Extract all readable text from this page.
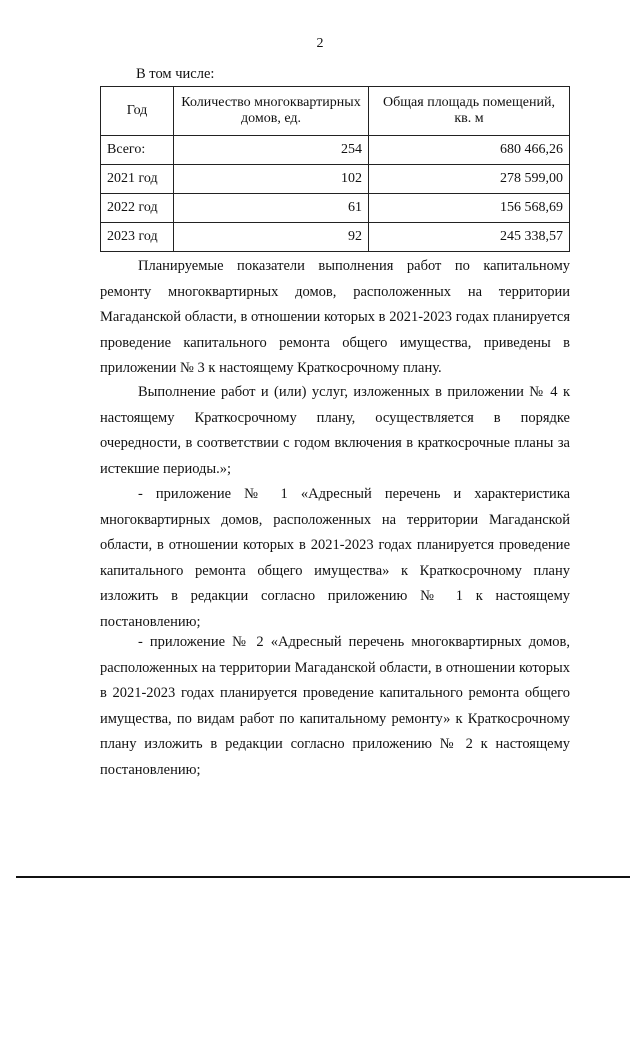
2
В том числе:
Год	Количество многоквартирных домов, ед.	Общая площадь помещений, кв. м
Всего:	254	680 466,26
2021 год	102	278 599,00
2022 год	61	156 568,69
2023 год	92	245 338,57

Планируемые показатели выполнения работ по капитальному ремонту многоквартирных домов, расположенных на территории Магаданской области, в отношении которых в 2021-2023 годах планируется проведение капитального ремонта общего имущества, приведены в приложении № 3 к настоящему Краткосрочному плану.

Выполнение работ и (или) услуг, изложенных в приложении № 4 к настоящему Краткосрочному плану, осуществляется в порядке очередности, в соответствии с годом включения в краткосрочные планы за истекшие периоды.»;

- приложение № 1 «Адресный перечень и характеристика многоквартирных домов, расположенных на территории Магаданской области, в отношении которых в 2021-2023 годах планируется проведение капитального ремонта общего имущества» к Краткосрочному плану изложить в редакции согласно приложению № 1 к настоящему постановлению;

- приложение № 2 «Адресный перечень многоквартирных домов, расположенных на территории Магаданской области, в отношении которых в 2021-2023 годах планируется проведение капитального ремонта общего имущества, по видам работ по капитальному ремонту» к Краткосрочному плану изложить в редакции согласно приложению № 2 к настоящему постановлению;
